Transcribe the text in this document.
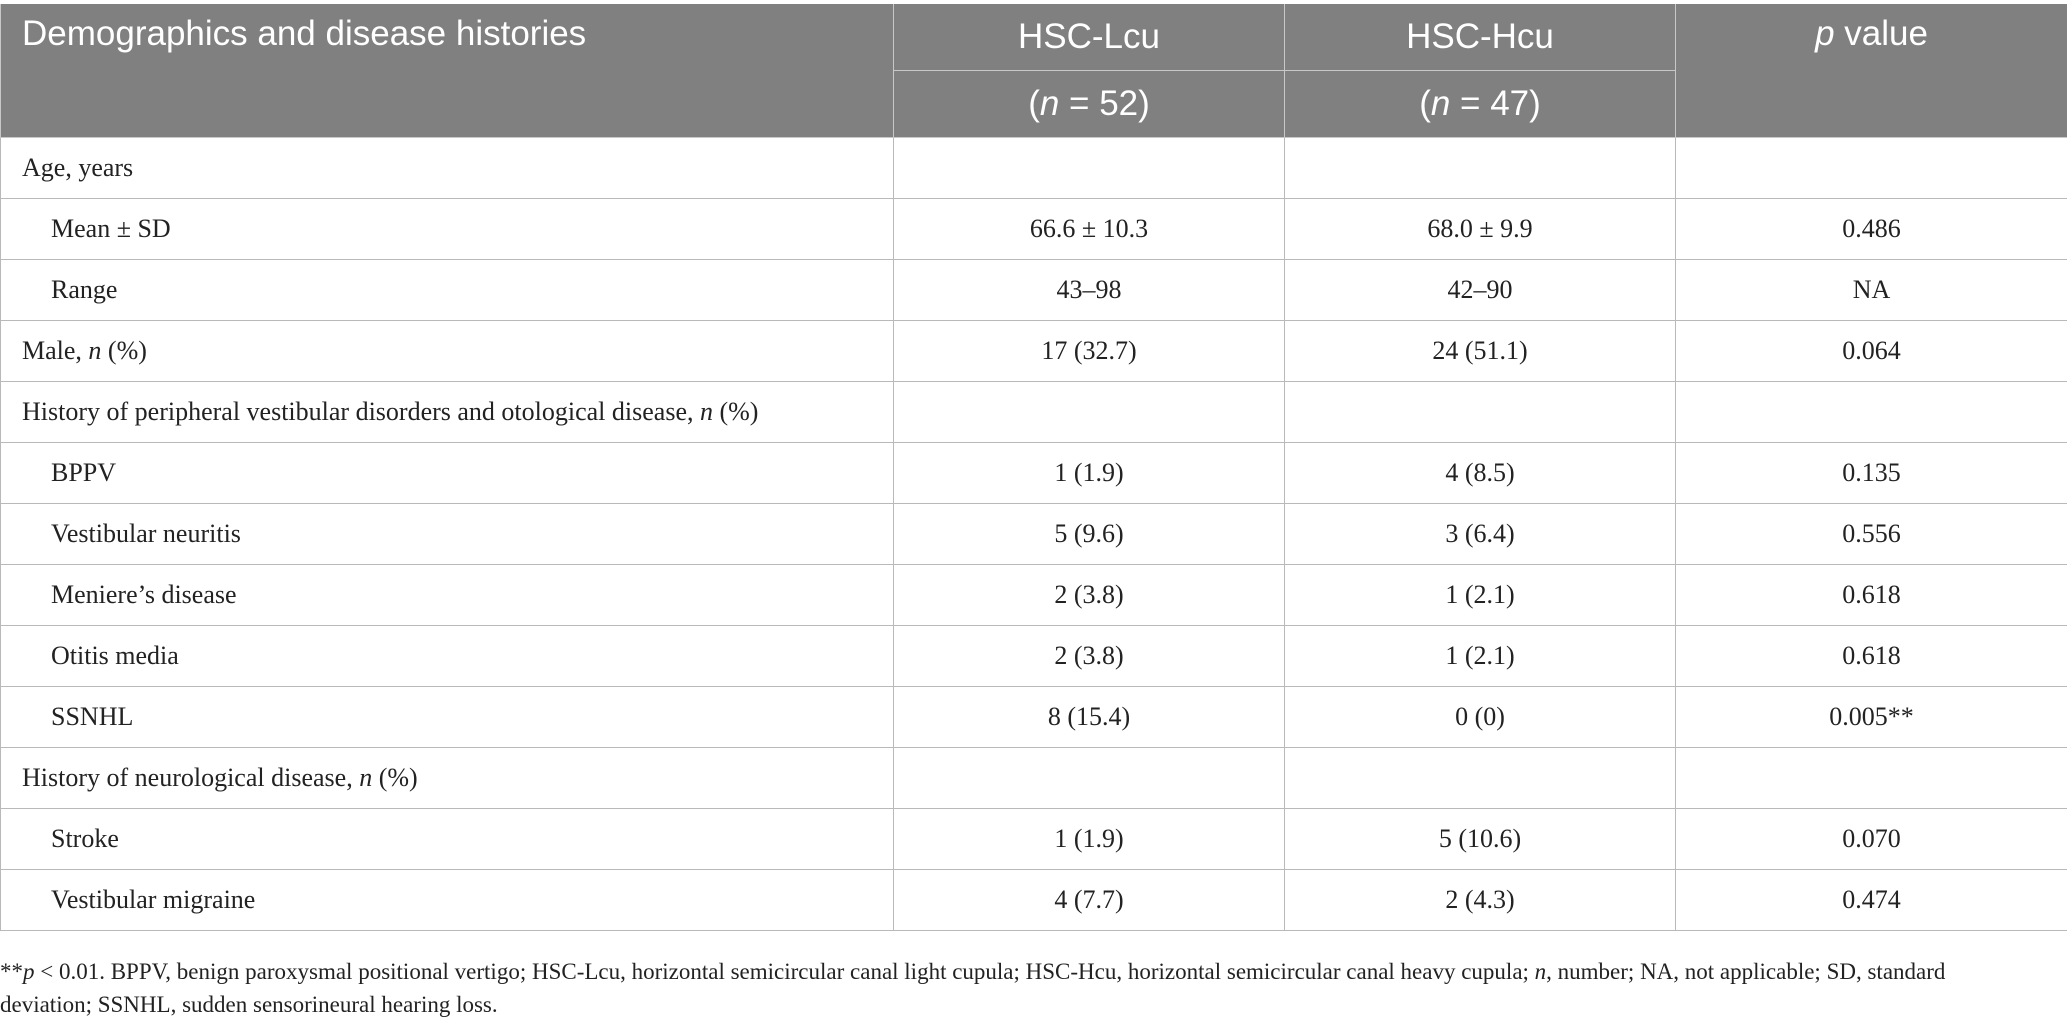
Demographics and disease histories	HSC-Lcu	HSC-Hcu	p value
	(n = 52)	(n = 47)	
Age, years			
Mean ± SD	66.6 ± 10.3	68.0 ± 9.9	0.486
Range	43–98	42–90	NA
Male, n (%)	17 (32.7)	24 (51.1)	0.064
History of peripheral vestibular disorders and otological disease, n (%)			
BPPV	1 (1.9)	4 (8.5)	0.135
Vestibular neuritis	5 (9.6)	3 (6.4)	0.556
Meniere’s disease	2 (3.8)	1 (2.1)	0.618
Otitis media	2 (3.8)	1 (2.1)	0.618
SSNHL	8 (15.4)	0 (0)	0.005**
History of neurological disease, n (%)			
Stroke	1 (1.9)	5 (10.6)	0.070
Vestibular migraine	4 (7.7)	2 (4.3)	0.474
**p < 0.01. BPPV, benign paroxysmal positional vertigo; HSC-Lcu, horizontal semicircular canal light cupula; HSC-Hcu, horizontal semicircular canal heavy cupula; n, number; NA, not applicable; SD, standard deviation; SSNHL, sudden sensorineural hearing loss.
